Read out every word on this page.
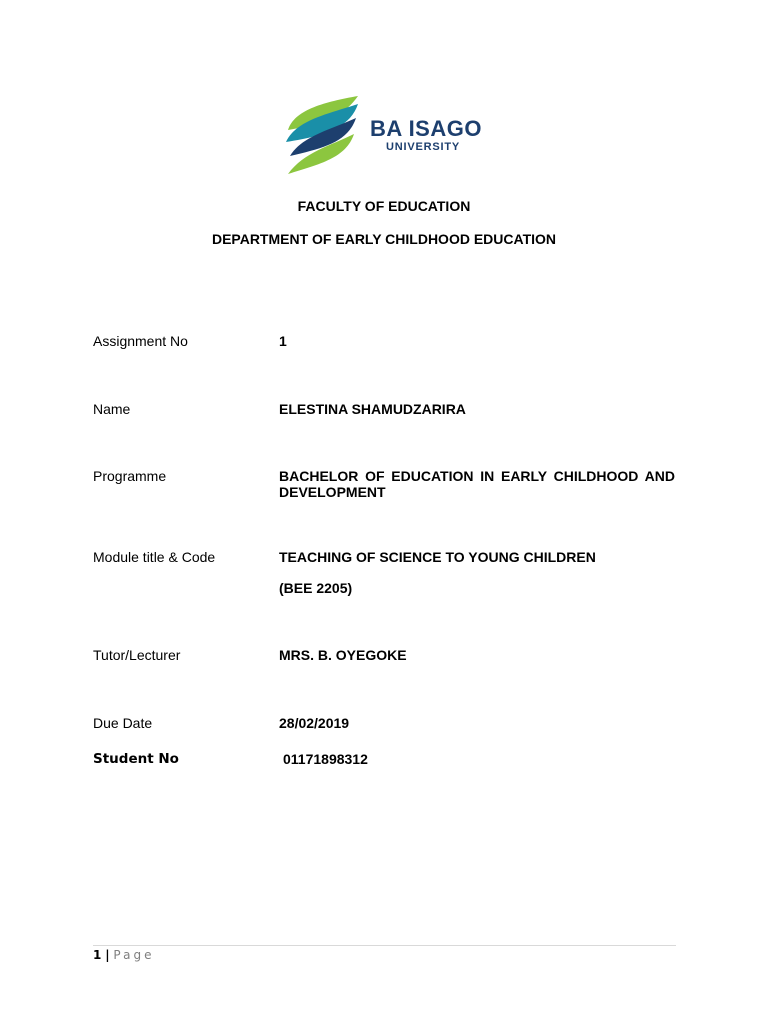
BA ISAGO
UNIVERSITY
FACULTY OF EDUCATION
DEPARTMENT OF EARLY CHILDHOOD EDUCATION
Assignment No	1
Name	ELESTINA SHAMUDZARIRA
Programme	BACHELOR OF EDUCATION IN EARLY CHILDHOOD AND DEVELOPMENT
Module title & Code	TEACHING OF SCIENCE TO YOUNG CHILDREN
(BEE 2205)
Tutor/Lecturer	MRS. B. OYEGOKE
Due Date	28/02/2019
Student No	01171898312
1 | Page
